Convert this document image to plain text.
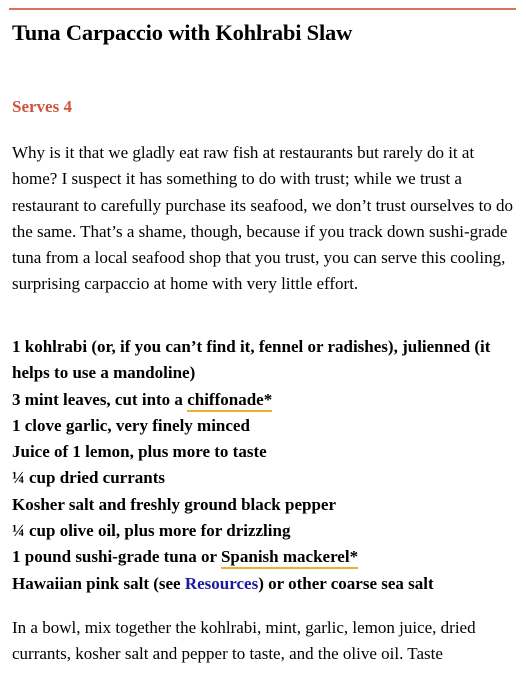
Tuna Carpaccio with Kohlrabi Slaw

Serves 4

Why is it that we gladly eat raw fish at restaurants but rarely do it at home? I suspect it has something to do with trust; while we trust a restaurant to carefully purchase its seafood, we don’t trust ourselves to do the same. That’s a shame, though, because if you track down sushi-grade tuna from a local seafood shop that you trust, you can serve this cooling, surprising carpaccio at home with very little effort.

1 kohlrabi (or, if you can’t find it, fennel or radishes), julienned (it helps to use a mandoline)
3 mint leaves, cut into a chiffonade*
1 clove garlic, very finely minced
Juice of 1 lemon, plus more to taste
¼ cup dried currants
Kosher salt and freshly ground black pepper
¼ cup olive oil, plus more for drizzling
1 pound sushi-grade tuna or Spanish mackerel*
Hawaiian pink salt (see Resources) or other coarse sea salt

In a bowl, mix together the kohlrabi, mint, garlic, lemon juice, dried currants, kosher salt and pepper to taste, and the olive oil. Taste
